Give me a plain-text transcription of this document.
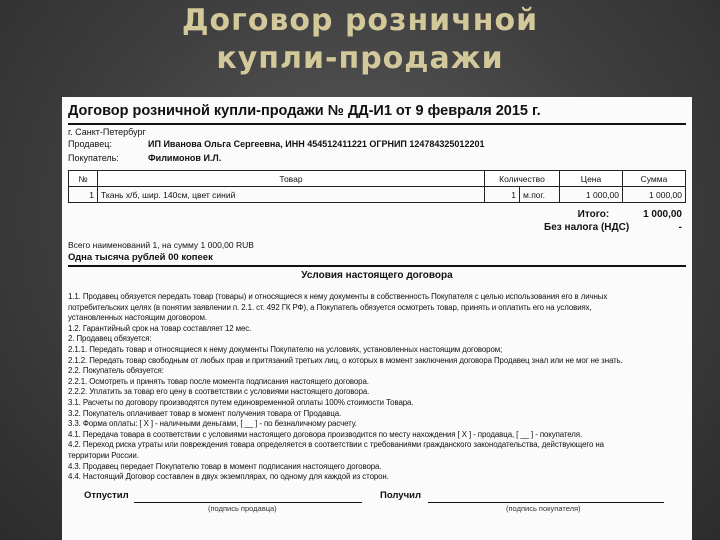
Договор розничной
купли-продажи
Договор розничной купли-продажи № ДД-И1 от 9 февраля 2015 г.
г. Санкт-Петербург
Продавец:	ИП Иванова Ольга Сергеевна, ИНН 454512411221 ОГРНИП 124784325012201
Покупатель:	Филимонов И.Л.
№	Товар	Количество		Цена	Сумма
1	Ткань х/б, шир. 140см, цвет синий	1	м.пог.	1 000,00	1 000,00
Итого:	1 000,00
Без налога (НДС)	-
Всего наименований 1, на сумму 1 000,00 RUB
Одна тысяча рублей 00 копеек
Условия настоящего договора
1.1. Продавец обязуется передать товар (товары) и относящиеся к нему документы в собственность Покупателя с целью использования его в личных
потребительских целях (в понятии заявлении п. 2.1. ст. 492 ГК РФ), а Покупатель обязуется осмотреть товар, принять и оплатить его на условиях,
установленных настоящим договором.
1.2. Гарантийный срок на товар составляет 12 мес.
2. Продавец обязуется:
2.1.1. Передать товар и относящиеся к нему документы Покупателю на условиях, установленных настоящим договором;
2.1.2. Передать товар свободным от любых прав и притязаний третьих лиц, о которых в момент заключения договора Продавец знал или не мог не знать.
2.2. Покупатель обязуется:
2.2.1. Осмотреть и принять товар после момента подписания настоящего договора.
2.2.2. Уплатить за товар его цену в соответствии с условиями настоящего договора.
3.1. Расчеты по договору производятся путем единовременной оплаты 100% стоимости Товара.
3.2. Покупатель оплачивает товар в момент получения товара от Продавца.
3.3. Форма оплаты: [ X ] - наличными деньгами, [ __ ] - по безналичному расчету.
4.1. Передача товара в соответствии с условиями настоящего договора производится по месту нахождения [ X ] - продавца, [ __ ] - покупателя.
4.2. Переход риска утраты или повреждения товара определяется в соответствии с требованиями гражданского законодательства, действующего на
территории России.
4.3. Продавец передает Покупателю товар в момент подписания настоящего договора.
4.4. Настоящий Договор составлен в двух экземплярах, по одному для каждой из сторон.
Отпустил
(подпись продавца)
Получил
(подпись покупателя)
